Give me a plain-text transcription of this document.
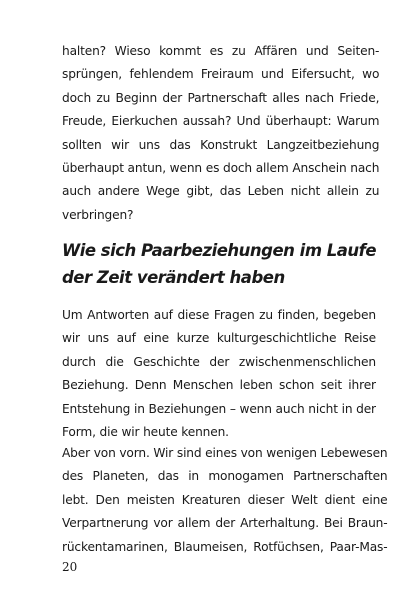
halten? Wieso kommt es zu Affären und Seiten-
sprüngen, fehlendem Freiraum und Eifersucht, wo
doch zu Beginn der Partnerschaft alles nach Friede,
Freude, Eierkuchen aussah? Und überhaupt: Warum
sollten wir uns das Konstrukt Langzeitbeziehung
überhaupt antun, wenn es doch allem Anschein nach
auch andere Wege gibt, das Leben nicht allein zu
verbringen?

Wie sich Paarbeziehungen im Laufe
der Zeit verändert haben

Um Antworten auf diese Fragen zu finden, begeben
wir uns auf eine kurze kulturgeschichtliche Reise
durch die Geschichte der zwischenmenschlichen
Beziehung. Denn Menschen leben schon seit ihrer
Entstehung in Beziehungen – wenn auch nicht in der
Form, die wir heute kennen.

Aber von vorn. Wir sind eines von wenigen Lebewesen
des Planeten, das in monogamen Partnerschaften
lebt. Den meisten Kreaturen dieser Welt dient eine
Verpartnerung vor allem der Arterhaltung. Bei Braun-
rückentamarinen, Blaumeisen, Rotfüchsen, Paar-Mas-

20
